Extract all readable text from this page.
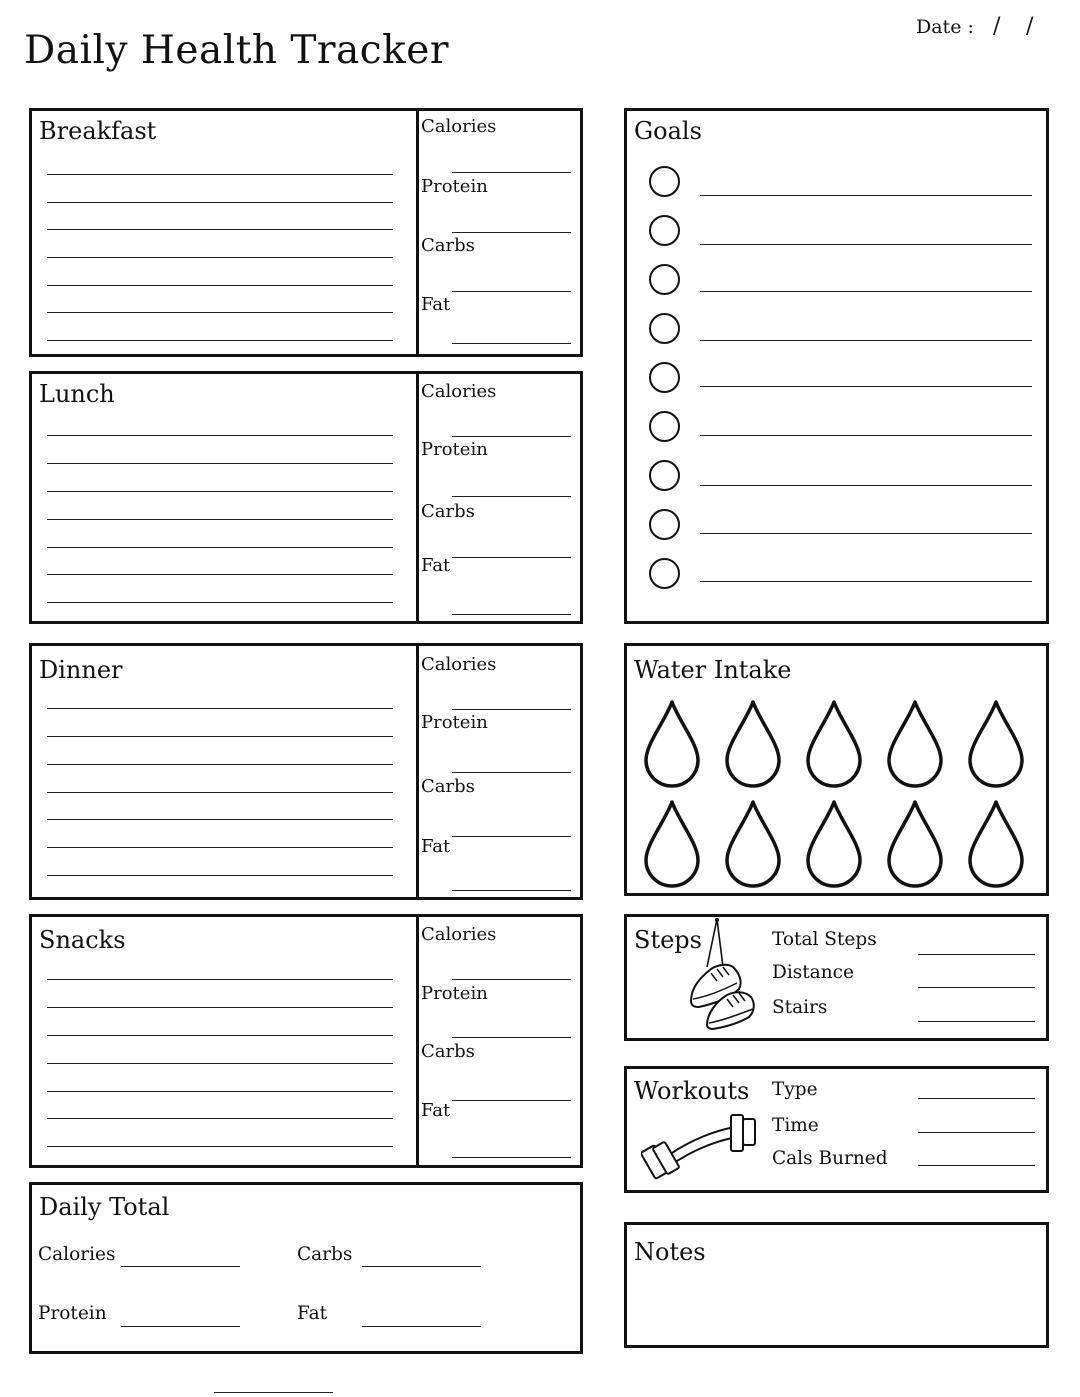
Daily Health Tracker
Date : / /
Breakfast	Calories
Protein
Carbs
Fat
Lunch	Calories
Protein
Carbs
Fat
Dinner	Calories
Protein
Carbs
Fat
Snacks	Calories
Protein
Carbs
Fat
Daily Total
Calories	Carbs
Protein	Fat
Goals
Water Intake
Steps	Total Steps
Distance
Stairs
Workouts Type
Time
Cals Burned
Notes
